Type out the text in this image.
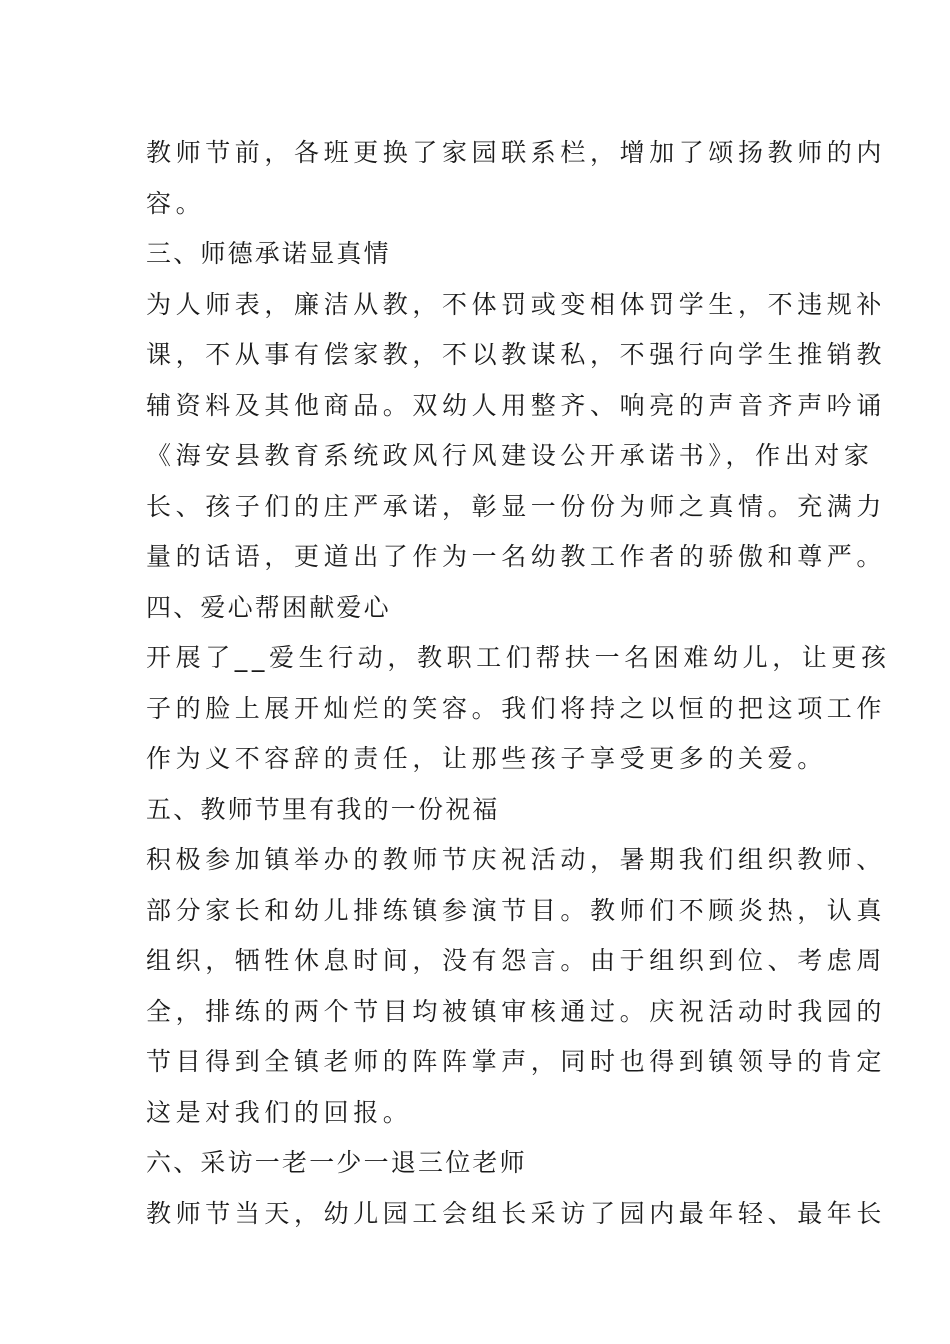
教师节前，各班更换了家园联系栏，增加了颂扬教师的内
容。
三、师德承诺显真情
为人师表，廉洁从教，不体罚或变相体罚学生，不违规补
课，不从事有偿家教，不以教谋私，不强行向学生推销教
辅资料及其他商品。双幼人用整齐、响亮的声音齐声吟诵
《海安县教育系统政风行风建设公开承诺书》，作出对家
长、孩子们的庄严承诺，彰显一份份为师之真情。充满力
量的话语，更道出了作为一名幼教工作者的骄傲和尊严。
四、爱心帮困献爱心
开展了__爱生行动，教职工们帮扶一名困难幼儿，让更孩
子的脸上展开灿烂的笑容。我们将持之以恒的把这项工作
作为义不容辞的责任，让那些孩子享受更多的关爱。
五、教师节里有我的一份祝福
积极参加镇举办的教师节庆祝活动，暑期我们组织教师、
部分家长和幼儿排练镇参演节目。教师们不顾炎热，认真
组织，牺牲休息时间，没有怨言。由于组织到位、考虑周
全，排练的两个节目均被镇审核通过。庆祝活动时我园的
节目得到全镇老师的阵阵掌声，同时也得到镇领导的肯定
这是对我们的回报。
六、采访一老一少一退三位老师
教师节当天，幼儿园工会组长采访了园内最年轻、最年长
